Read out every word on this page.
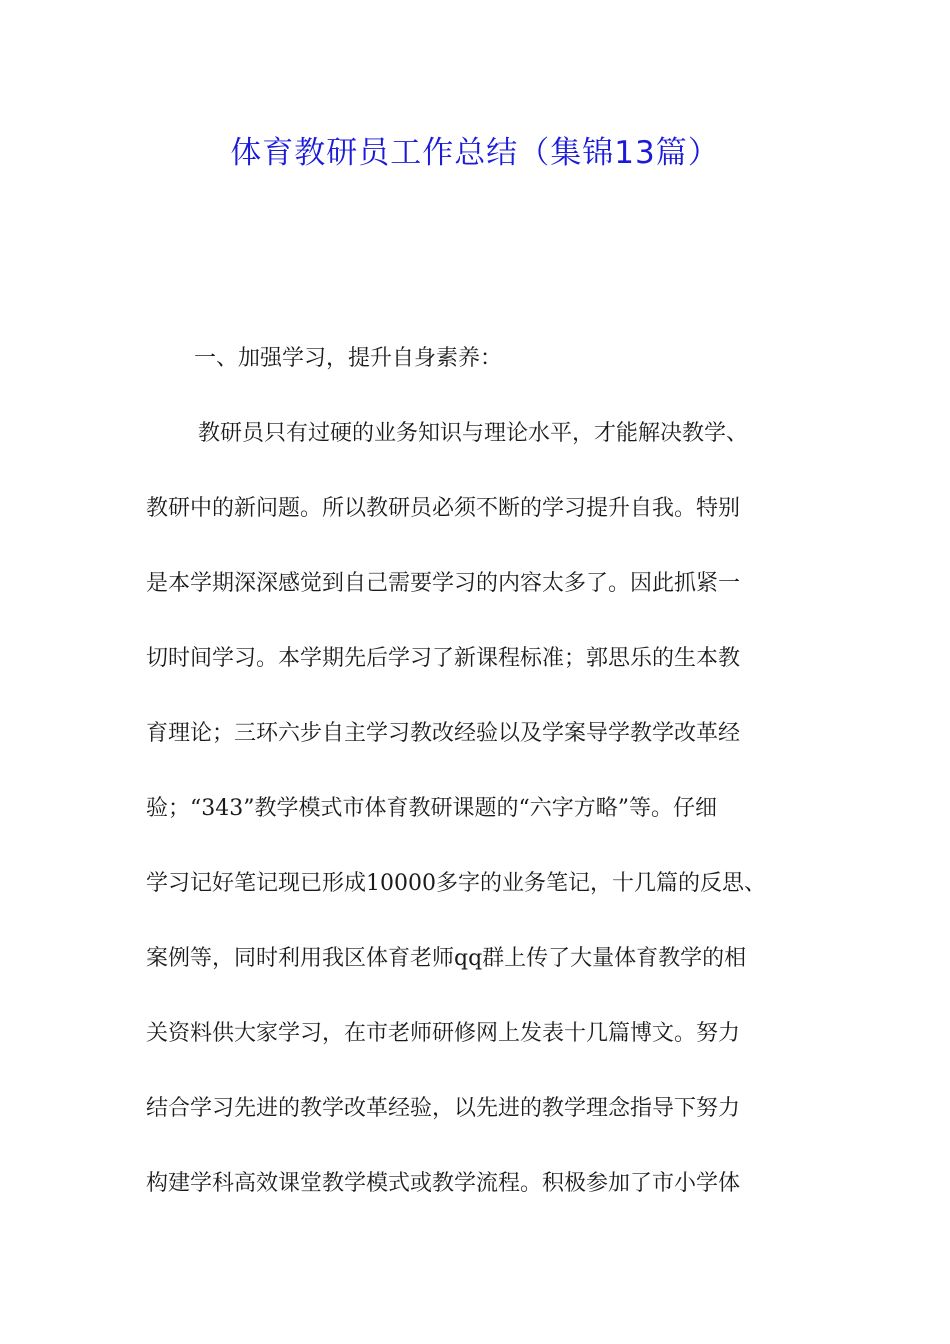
体育教研员工作总结（集锦13篇）
一、加强学习，提升自身素养：
教研员只有过硬的业务知识与理论水平，才能解决教学、
教研中的新问题。所以教研员必须不断的学习提升自我。特别
是本学期深深感觉到自己需要学习的内容太多了。因此抓紧一
切时间学习。本学期先后学习了新课程标准；郭思乐的生本教
育理论；三环六步自主学习教改经验以及学案导学教学改革经
验；“343”教学模式市体育教研课题的“六字方略”等。仔细
学习记好笔记现已形成10000多字的业务笔记，十几篇的反思、
案例等，同时利用我区体育老师qq群上传了大量体育教学的相
关资料供大家学习，在市老师研修网上发表十几篇博文。努力
结合学习先进的教学改革经验，以先进的教学理念指导下努力
构建学科高效课堂教学模式或教学流程。积极参加了市小学体
